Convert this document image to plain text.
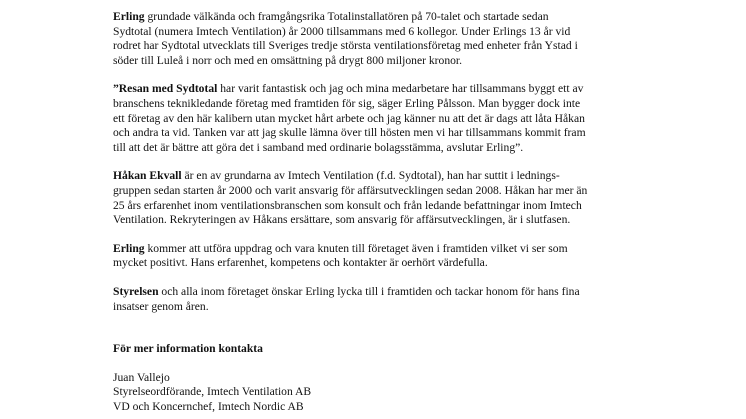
Erling grundade välkända och framgångsrika Totalinstallatören på 70-talet och startade sedan

Sydtotal (numera Imtech Ventilation) år 2000 tillsammans med 6 kollegor. Under Erlings 13 år vid

rodret har Sydtotal utvecklats till Sveriges tredje största ventilationsföretag med enheter från Ystad i

söder till Luleå i norr och med en omsättning på drygt 800 miljoner kronor.

”Resan med Sydtotal har varit fantastisk och jag och mina medarbetare har tillsammans byggt ett av

branschens teknikledande företag med framtiden för sig, säger Erling Pålsson. Man bygger dock inte

ett företag av den här kalibern utan mycket hårt arbete och jag känner nu att det är dags att låta Håkan

och andra ta vid. Tanken var att jag skulle lämna över till hösten men vi har tillsammans kommit fram

till att det är bättre att göra det i samband med ordinarie bolagsstämma, avslutar Erling”.

Håkan Ekvall är en av grundarna av Imtech Ventilation (f.d. Sydtotal), han har suttit i lednings-

gruppen sedan starten år 2000 och varit ansvarig för affärsutvecklingen sedan 2008. Håkan har mer än

25 års erfarenhet inom ventilationsbranschen som konsult och från ledande befattningar inom Imtech

Ventilation. Rekryteringen av Håkans ersättare, som ansvarig för affärsutvecklingen, är i slutfasen.

Erling kommer att utföra uppdrag och vara knuten till företaget även i framtiden vilket vi ser som

mycket positivt. Hans erfarenhet, kompetens och kontakter är oerhört värdefulla.

Styrelsen och alla inom företaget önskar Erling lycka till i framtiden och tackar honom för hans fina

insatser genom åren.

För mer information kontakta

Juan Vallejo

Styrelseordförande, Imtech Ventilation AB

VD och Koncernchef, Imtech Nordic AB
